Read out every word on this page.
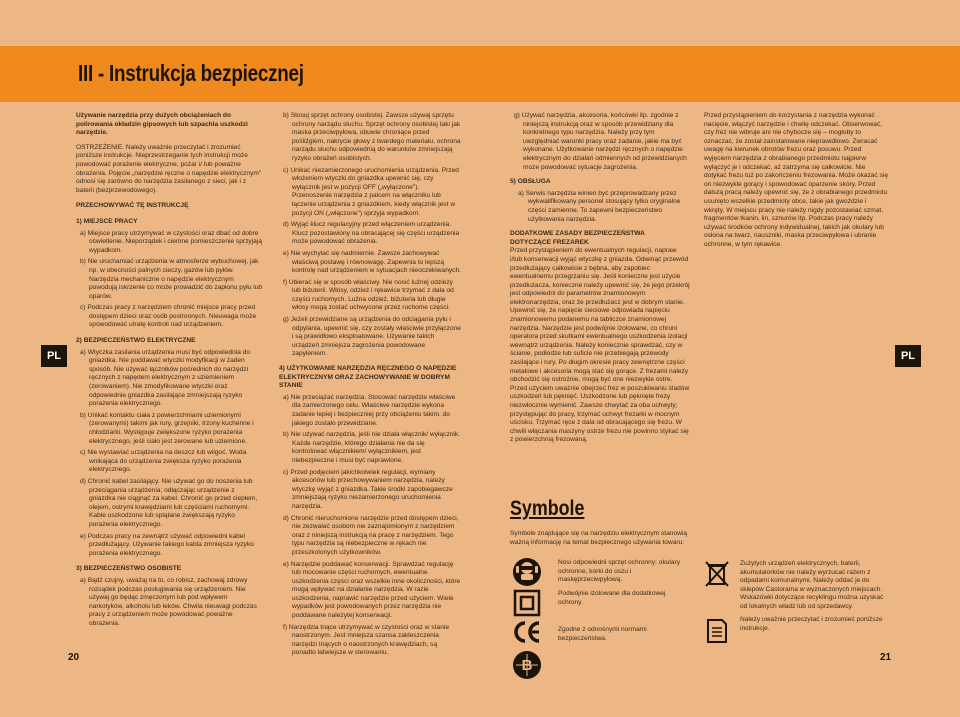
III - Instrukcja bezpiecznej
PL	PL
20	21

Używanie narzędzia przy dużych obciążeniach do polirowania okładzin gipsowych lub szpachla uszkodzi narzędzie.

OSTRZEŻENIE. Należy uważnie przeczytać i zrozumieć poniższe instrukcje. Nieprzestrzeganie tych instrukcji może powodować porażenie elektryczne, pożar i/ lub poważne obrażenia. Pojęcie „narzędzie ręczne o napędzie elektrycznym" odnosi się zarówno do narzędzia zasilanego z sieci, jak i z baterii (bezprzewodowego).

PRZECHOWYWAĆ TĘ INSTRUKCJĘ

1) MIEJSCE PRACY

a) Miejsce pracy utrzymywać w czystości oraz dbać od dobre oświetlenie. Nieporządek i ciemne pomieszczenie sprzyjają wypadkom.

b) Nie uruchamiać urządzenia w atmosferze wybuchowej, jak np. w obecności palnych cieczy, gazów lub pyłów. Narzędzia mechaniczne o napędzie elektrycznym powodują iskrzenie co może prowadzić do zapłonu pyłu lub oparów.

c) Podczas pracy z narzędziem chronić miejsce pracy przed dostępem dzieci oraz osób postronnych. Nieuwaga może spowodować utratę kontroli nad urządzeniem.

2) BEZPIECZEŃSTWO ELEKTRYCZNE

a) Wtyczka zasilania urządzenia musi być odpowiednia do gniazdka. Nie poddawać wtyczki modyfikacji w żaden sposób. Nie używać łączników pośrednich do narzędzi ręcznych z napędem elektrycznym z uziemieniem (zerowaniem). Nie zmodyfikowane wtyczki oraz odpowiednie gniazdka zasilające zmniejszają ryzyko porażenia elektrycznego.

b) Unikać kontaktu ciała z powierzchniami uziemionymi (zerowanymi) takimi jak rury, grzejniki, trzony kuchenne i chłodziarki. Występuje zwiększone ryzyko porażenia elektrycznego, jeśli ciało jest zerowane lub uziemione.

c) Nie wystawiać urządzenia na deszcz lub wilgoć. Woda wnikająca do urządzenia zwiększa ryzyko porażenia elektrycznego.

d) Chronić kabel zasilający. Nie używać go do noszenia lub przeciągania urządzenia; odłączając urządzenie z gniazdka nie ciągnąć za kabel. Chronić go przed ciepłem, olejem, ostrymi krawędziami lub częściami ruchomymi. Kable uszkodzone lub splątane zwiększają ryzyko porażenia elektrycznego.

e) Podczas pracy na zewnątrz używać odpowiedni kabel przedłużający. Używanie takiego kabla zmniejsza ryzyko porażenia elektrycznego.

3) BEZPIECZEŃSTWO OSOBISTE

a) Bądź czujny, uważaj na to, co robisz, zachowaj zdrowy rozsądek podczas posługiwania się urządzeniem. Nie używaj go będąc zmęczonym lub pod wpływem narkotyków, alkoholu lub leków. Chwila nieuwagi podczas pracy z urządzeniem może powodować poważne obrażenia.

b) Stosuj sprzęt ochrony osobistej. Zawsze używaj sprzętu ochrony narządu słuchu. Sprzęt ochrony osobistej taki jak maska przeciwpyłowa, obuwie chroniące przed pośliźgiem, nakrycie głowy z twardego materiału, ochrona narządu słuchu odpowiednią do warunków zmniejszają ryzyko obrażeń osobistych.

c) Unikać niezamierzonego uruchomienia urządzenia. Przed włożeniem wtyczki do gniazdka upewnić się, czy wyłącznik jest w pozycji OFF („wyłączone"). Przenoszenie narzędzia z palcem na włączniku lub łączenie urządzenia z gniazdkiem, kiedy włącznik jest w pozycji ON („włączone") sprzyja wypadkom.

d) Wyjąć klucz regulacyjny przed włączeniem urządzenia. Klucz pozostawiony na obracającej się części urządzenia może powodować obrażenia.

e) Nie wychylać się nadmiernie. Zawsze zachowywać właściwą postawę i równowagę. Zapewnia to lepszą kontrolę nad urządzeniem w sytuacjach nieoczekiwanych.

f) Ubierać się w sposób właściwy. Nie nosić luźnej odzieży lub biżuterii. Włosy, odzież i rękawice trzymać z dala od części ruchomych. Luźna odzież, biżuteria lub długie włosy mogą zostać uchwycone przez ruchome części.

g) Jeżeli przewidziane są urządzenia do odciągania pyłu i odpylania, upewnić się, czy zostały właściwie przyłączone i są prawidłowo eksploatowane. Używanie takich urządzeń zmniejsza zagrożenia powodowane zapyleniem.

4) UŻYTKOWANIE NARZĘDZIA RĘCZNEGO O NAPĘDZIE ELEKTRYCZNYM ORAZ ZACHOWYWANIE W DOBRYM STANIE

a) Nie przeciążać narzędzia. Stosować narzędzie właściwe dla zamierzonego celu. Właściwe narzędzie wykona zadanie lepiej i bezpieczniej przy obciążeniu takim, do jakiego zostało przewidziane.

b) Nie używać narzędzia, jeśli nie działa włącznik/ wyłącznik. Każde narzędzie, którego działania nie da się kontrolować włącznikiem/ wyłącznikiem, jest niebezpieczne i musi być naprawione.

c) Przed podjęciem jakichkolwiek regulacji, wymiany akcesoriów lub przechowywaniem narzędzia, należy wtyczkę wyjąć z gniazdka. Takie środki zapobiegawcze zmniejszają ryzyko niezamierzonego uruchomienia narzędzia.

d) Chronić nieruchomione narzędzie przed dostępem dzieci, nie zezwalać osobom nie zaznajomionym z narzędziem oraz z niniejszą instrukcją na pracę z narzędziem. Tego typu narzędzia są niebezpieczne w rękach nie przeszkolonych użytkowników.

e) Narzędzie poddawać konserwacji. Sprawdzać regulację lub mocowanie części ruchomych, ewentualne uszkodzenia części oraz wszelkie inne okoliczności, które mogą wpływać na działanie narzędzia. W razie uszkodzenia, naprawić narzędzie przed użyciem. Wiele wypadków jest powodowanych przez narzędzia nie poddawane należytej konserwacji.

f) Narzędzia tnące utrzymywać w czystości oraz w stanie naostrzonym. Jest mniejsza szansa zakleszczenia narzędzi tnących o naostrzonych krawędziach, są ponadto łatwiejsze w sterowaniu.

g) Używać narzędzia, akcesoria, końcówki itp. zgodnie z niniejszą instrukcją oraz w sposób przewidziany dla konkretnego typu narzędzia. Należy przy tym uwzględniać warunki pracy oraz zadanie, jakie ma być wykonane. Użytkowanie narzędzi ręcznych o napędzie elektrycznym do działań odmiennych od przewidzianych może powodować sytuacje zagrożenia.

5) OBSŁUGA

a) Serwis narzędzia winien być przeprowadzany przez wykwalifikowany personel stosujący tylko oryginalne części zamienne. To zapewni bezpieczeństwo użytkowania narzędzia.

DODATKOWE ZASADY BEZPIECZEŃSTWA
DOTYCZĄCE FREZAREK

Przed przystąpieniem do ewentualnych regulacji, napraw i/lub konserwacji wyjąć wtyczkę z gniazda. Odwinąć przewód przedłużający całkowicie z bębna, aby zapobiec ewentualnemu przegrzaniu się. Jeśli konieczne jest użycie przedłużacza, konieczne należy upewnić się, że jego przekrój jest odpowiedni do parametrów znamionowym elektronarzędzia, oraz że przedłużacz jest w dobrym stanie. Upewnić się, że napięcie sieciowe odpowiada napięciu znamionowemu podanemu na tabliczce znamionowej narzędzia. Narzędzie jest podwójnie izolowane, co chroni operatora przed skutkami ewentualnego uszkodzenia izolacji wewnątrz urządzenia. Należy koniecznie sprawdzać, czy w ścianie, podłodze lub suficie nie przebiegają przewody zasilające i rury. Po długim okresie pracy zewnętrzne części metalowe i akcesoria mogą stać się gorące. Z frezami należy obchodzić się ostrożnie, mogą być one niezwykle ostre. Przed użyciem uważnie obejrzeć frez w poszukiwaniu śladów uszkodzeń lub pęknięć. Uszkodzone lub pęknięte frezy niezwłocznie wymienić. Zawsze chwytać za oba uchwyty; przystępując do pracy, trzymać uchwyt frezarki w mocnym uścisku. Trzymać ręce z dala od obracającego się frezu. W chwili włączania maszyny ostrze frezu nie powinno stykać się z powierzchnią frezowaną.

Przed przystąpieniem do korzystania z narzędzia wykonać nacięcie, włączyć narzędzie i chwilę odczekać. Obserwować, czy frez nie wibruje ani nie chybocze się – mogłoby to oznaczać, że został zainstalowane nieprawidłowo. Zwracać uwagę na kierunek obrotów frezu oraz posuwu. Przed wyjęciem narzędzia z obrabianego przedmiotu najpierw wyłączyć je i odczekać, aż zatrzyma się całkowicie. Nie dotykać frezu tuż po zakończeniu frezowania. Może okazać się on niezwykle gorący i spowodować oparzenie skóry. Przed dalszą pracą należy upewnić się, że z obrabianego przedmiotu usunięto wszelkie przedmioty obce, takie jak gwoździe i wkręty. W miejscu pracy nie należy nigdy pozostawiać szmat, fragmentów tkanin, lin, sznurów itp. Podczas pracy należy używać środków ochrony indywidualnej, takich jak okulary lub osłona na twarz, nauszniki, maska przeciwpyłowa i ubranie ochronne, w tym rękawice.

Symbole
Symbole znajdujące się na narzędziu elektrycznym stanowią ważną informację na temat bezpiecznego używania towaru:
Nosi odpowiedni sprzęt ochronny: okulary ochronne, korki do uszu i maskęprzeciwpyłową.
Podwójnie izolowane dla dodatkowej ochrony.
Zgodne z odnośnymi normami bezpieczeństwa.
B
Zużytych urządzeń elektrycznych, baterii, akumulatorków nie należy wyrzucać razem z odpadami komunalnymi. Należy oddać je do sklepów Castorama w wyznaczonych miejscach. Wskazówki dotyczące recyklingu można uzyskać od lokalnych władz lub od sprzedawcy.
Należy uważnie przeczytać i zrozumieć poniższe instrukcje.
